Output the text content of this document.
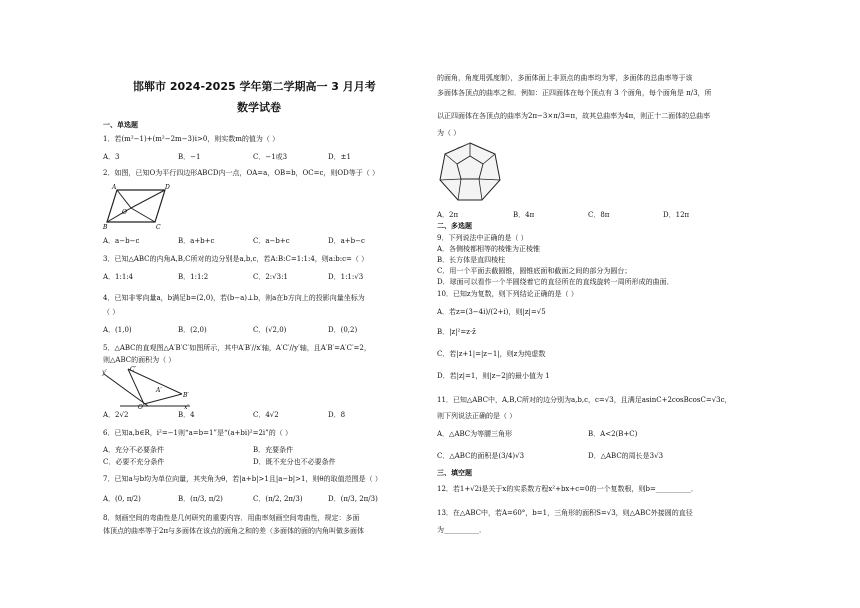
邯郸市 2024-2025 学年第二学期高一 3 月月考
数学试卷
一、单选题
1．若(m²−1)+(m²−2m−3)i>0，则实数m的值为（ ）
A．3	B．−1	C．−1或3	D．±1
2．如图，已知O为平行四边形ABCD内一点，OA=a，OB=b，OC=c，则OD等于（ ）
A	D
B	C
O
A．a−b−c	B．a+b+c	C．a−b+c	D．a+b−c
3．已知△ABC的内角A,B,C所对的边分别是a,b,c，若A:B:C=1:1:4，则a:b:c=（ ）
A．1:1:4	B．1:1:2	C．2:√3:1	D．1:1:√3
4．已知非零向量a，b满足b=(2,0)，若(b−a)⊥b，则a在b方向上的投影向量坐标为
（ ）
A．(1,0)	B．(2,0)	C．(√2,0)	D．(0,2)
5．△ABC的直观图△A′B′C′如图所示，其中A′B′//x′轴，A′C′//y′轴，且A′B′=A′C′=2，
则△ABC的面积为（ ）
y′	C′
A′
B′
x′
O′
A．2√2	B．4	C．4√2	D．8
6．已知a,b∈R，i²=−1则“a=b=1”是“(a+bi)²=2i”的（ ）
A．充分不必要条件	B．充要条件
C．必要不充分条件	D．既不充分也不必要条件
7．已知a与b均为单位向量，其夹角为θ，若|a+b|>1且|a−b|>1，则θ的取值范围是（ ）
A．(0, π/2)	B．(π/3, π/2)	C．(π/2, 2π/3)	D．(π/3, 2π/3)
8．刻画空间的弯曲性是几何研究的重要内容．用曲率刻画空间弯曲性，规定：多面
体顶点的曲率等于2π与多面体在该点的面角之和的差（多面体的面的内角叫做多面体
的面角，角度用弧度制），多面体面上非顶点的曲率均为零，多面体的总曲率等于该
多面体各顶点的曲率之和．例如：正四面体在每个顶点有 3 个面角，每个面角是 π/3，所
以正四面体在各顶点的曲率为2π−3×π/3=π，故其总曲率为4π，则正十二面体的总曲率
为（ ）
A．2π	B．4π	C．8π	D．12π
二、多选题
9．下列说法中正确的是（ ）
A．各侧棱都相等的棱锥为正棱锥
B．长方体是直四棱柱
C．用一个平面去截圆锥，圆锥底面和截面之间的部分为圆台；
D．球面可以看作一个半圆绕着它的直径所在的直线旋转一周所形成的曲面．
10．已知z为复数，则下列结论正确的是（ ）
A．若z=(3−4i)/(2+i)，则|z|=√5
B．|z|²=z·z̄
C．若|z+1|=|z−1|，则z为纯虚数
D．若|z|=1，则|z−2|的最小值为 1
11．已知△ABC中，A,B,C所对的边分别为a,b,c，c=√3，且满足asinC+2cosBcosC=√3c，
则下列说法正确的是（ ）
A．△ABC为等腰三角形	B．A<2(B+C)
C．△ABC的面积是(3/4)√3	D．△ABC的周长是3√3
三、填空题
12．若1+√2i是关于x的实系数方程x²+bx+c=0的一个复数根，则b=__________．
13．在△ABC中，若A=60°，b=1，三角形的面积S=√3，则△ABC外接圆的直径
为__________．
